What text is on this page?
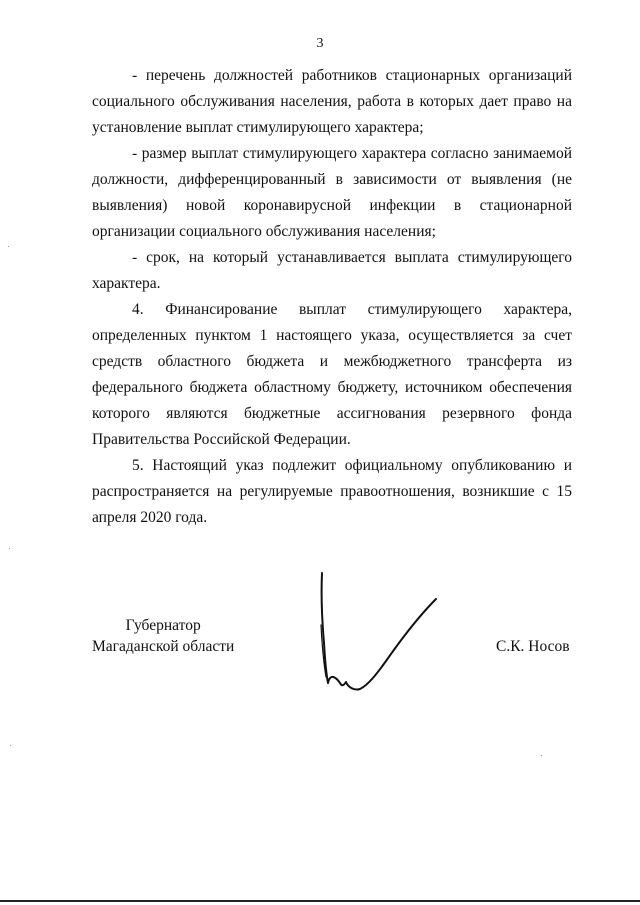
3

- перечень должностей работников стационарных организаций социального обслуживания населения, работа в которых дает право на установление выплат стимулирующего характера;

- размер выплат стимулирующего характера согласно занимаемой должности, дифференцированный в зависимости от выявления (не выявления) новой коронавирусной инфекции в стационарной организации социального обслуживания населения;

- срок, на который устанавливается выплата стимулирующего характера.

4. Финансирование выплат стимулирующего характера, определенных пунктом 1 настоящего указа, осуществляется за счет средств областного бюджета и межбюджетного трансферта из федерального бюджета областному бюджету, источником обеспечения которого являются бюджетные ассигнования резервного фонда Правительства Российской Федерации.

5. Настоящий указ подлежит официальному опубликованию и распространяется на регулируемые правоотношения, возникшие с 15 апреля 2020 года.

Губернатор
Магаданской области	С.К. Носов
